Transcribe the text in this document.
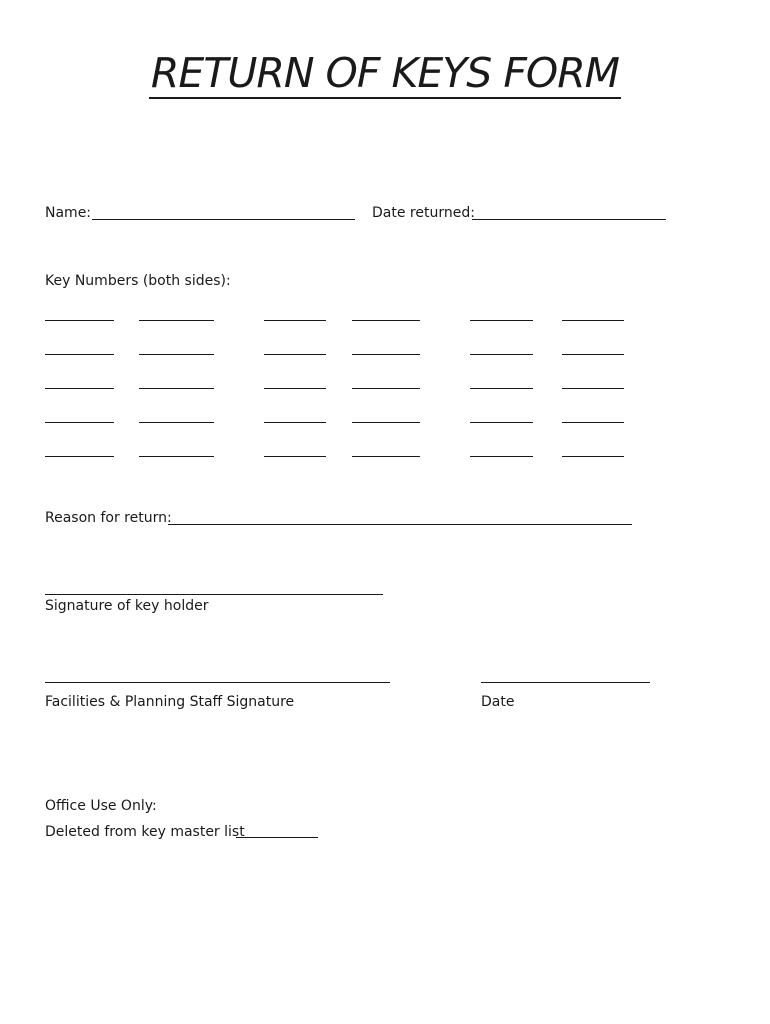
RETURN OF KEYS FORM
Name:	Date returned:
Key Numbers (both sides):
Reason for return:
Signature of key holder
Facilities & Planning Staff Signature	Date
Office Use Only:
Deleted from key master list
